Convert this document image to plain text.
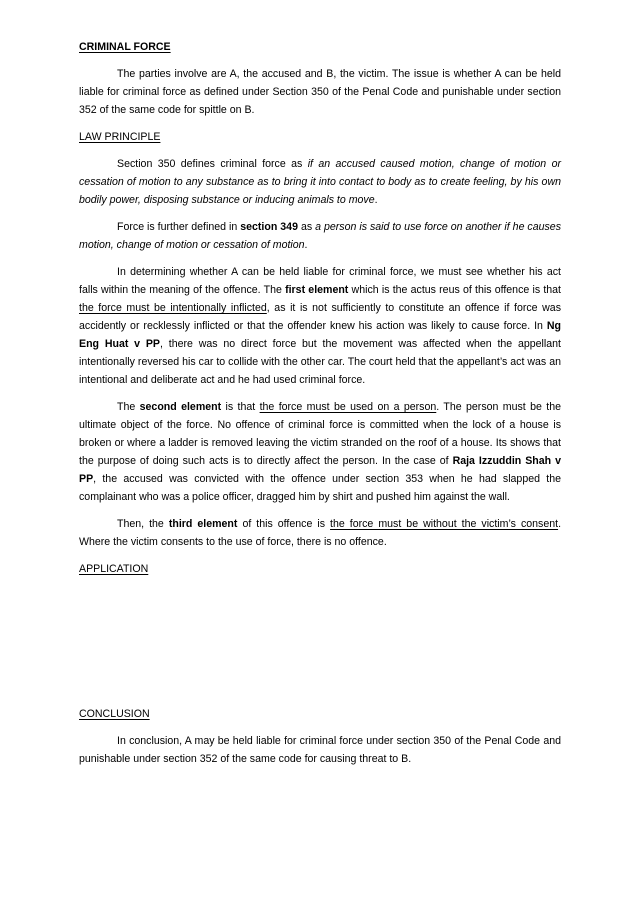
CRIMINAL FORCE

The parties involve are A, the accused and B, the victim. The issue is whether A can be held liable for criminal force as defined under Section 350 of the Penal Code and punishable under section 352 of the same code for spittle on B.

LAW PRINCIPLE

Section 350 defines criminal force as if an accused caused motion, change of motion or cessation of motion to any substance as to bring it into contact to body as to create feeling, by his own bodily power, disposing substance or inducing animals to move.

Force is further defined in section 349 as a person is said to use force on another if he causes motion, change of motion or cessation of motion.

In determining whether A can be held liable for criminal force, we must see whether his act falls within the meaning of the offence. The first element which is the actus reus of this offence is that the force must be intentionally inflicted, as it is not sufficiently to constitute an offence if force was accidently or recklessly inflicted or that the offender knew his action was likely to cause force. In Ng Eng Huat v PP, there was no direct force but the movement was affected when the appellant intentionally reversed his car to collide with the other car. The court held that the appellant’s act was an intentional and deliberate act and he had used criminal force.

The second element is that the force must be used on a person. The person must be the ultimate object of the force. No offence of criminal force is committed when the lock of a house is broken or where a ladder is removed leaving the victim stranded on the roof of a house. Its shows that the purpose of doing such acts is to directly affect the person. In the case of Raja Izzuddin Shah v PP, the accused was convicted with the offence under section 353 when he had slapped the complainant who was a police officer, dragged him by shirt and pushed him against the wall.

Then, the third element of this offence is the force must be without the victim’s consent. Where the victim consents to the use of force, there is no offence.

APPLICATION
CONCLUSION

In conclusion, A may be held liable for criminal force under section 350 of the Penal Code and punishable under section 352 of the same code for causing threat to B.
